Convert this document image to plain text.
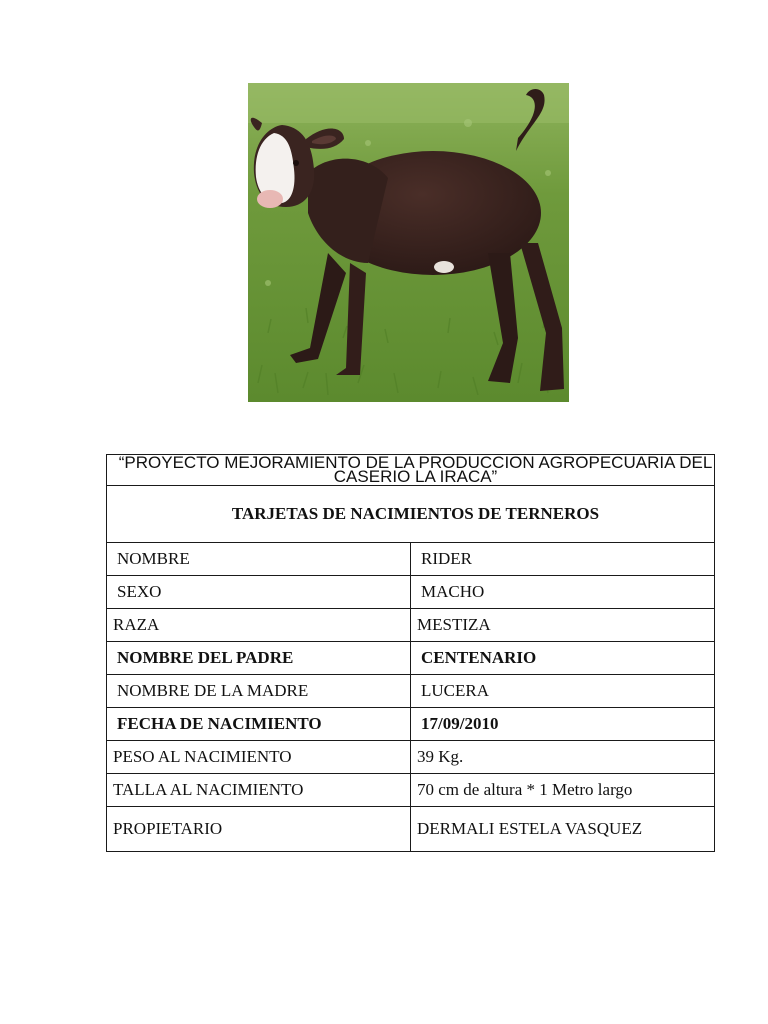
“PROYECTO MEJORAMIENTO DE LA PRODUCCION AGROPECUARIA DEL CASERIO LA IRACA”	
TARJETAS DE NACIMIENTOS DE TERNEROS	
NOMBRE	RIDER
SEXO	MACHO
RAZA	MESTIZA
NOMBRE DEL PADRE	CENTENARIO
NOMBRE DE LA MADRE	LUCERA
FECHA DE NACIMIENTO	17/09/2010
PESO AL NACIMIENTO	39 Kg.
TALLA AL NACIMIENTO	70 cm de altura * 1 Metro largo
PROPIETARIO	DERMALI ESTELA VASQUEZ
